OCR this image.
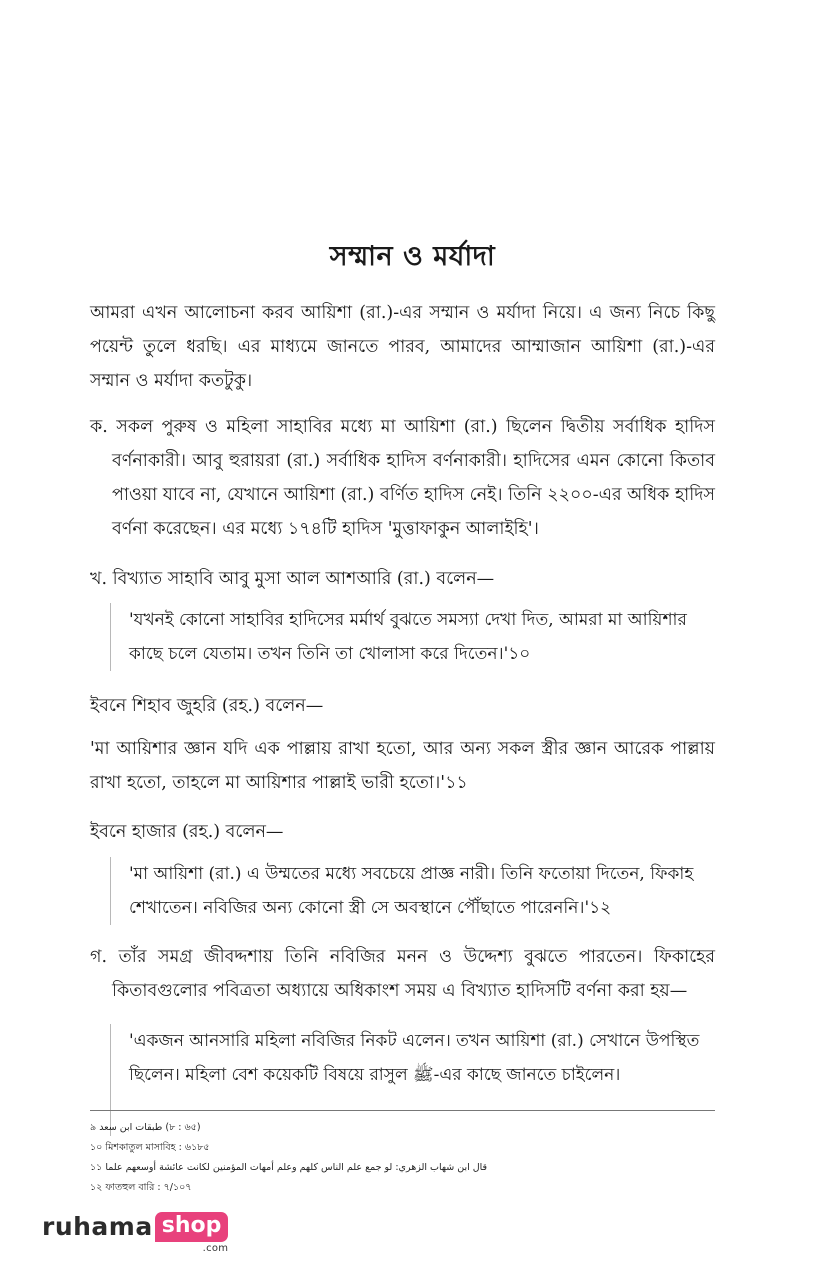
সম্মান ও মর্যাদা
আমরা এখন আলোচনা করব আয়িশা (রা.)-এর সম্মান ও মর্যাদা নিয়ে। এ জন্য নিচে কিছু পয়েন্ট তুলে ধরছি। এর মাধ্যমে জানতে পারব, আমাদের আম্মাজান আয়িশা (রা.)-এর সম্মান ও মর্যাদা কতটুকু।
ক. সকল পুরুষ ও মহিলা সাহাবির মধ্যে মা আয়িশা (রা.) ছিলেন দ্বিতীয় সর্বাধিক হাদিস বর্ণনাকারী। আবু হুরায়রা (রা.) সর্বাধিক হাদিস বর্ণনাকারী। হাদিসের এমন কোনো কিতাব পাওয়া যাবে না, যেখানে আয়িশা (রা.) বর্ণিত হাদিস নেই। তিনি ২২০০-এর অধিক হাদিস বর্ণনা করেছেন। এর মধ্যে ১৭৪টি হাদিস 'মুত্তাফাকুন আলাইহি'।
খ. বিখ্যাত সাহাবি আবু মুসা আল আশআরি (রা.) বলেন—
'যখনই কোনো সাহাবির হাদিসের মর্মার্থ বুঝতে সমস্যা দেখা দিত, আমরা মা আয়িশার কাছে চলে যেতাম। তখন তিনি তা খোলাসা করে দিতেন।'১০
ইবনে শিহাব জুহরি (রহ.) বলেন—
'মা আয়িশার জ্ঞান যদি এক পাল্লায় রাখা হতো, আর অন্য সকল স্ত্রীর জ্ঞান আরেক পাল্লায় রাখা হতো, তাহলে মা আয়িশার পাল্লাই ভারী হতো।'১১
ইবনে হাজার (রহ.) বলেন—
'মা আয়িশা (রা.) এ উম্মতের মধ্যে সবচেয়ে প্রাজ্ঞ নারী। তিনি ফতোয়া দিতেন, ফিকাহ শেখাতেন। নবিজির অন্য কোনো স্ত্রী সে অবস্থানে পৌঁছাতে পারেননি।'১২
গ. তাঁর সমগ্র জীবদ্দশায় তিনি নবিজির মনন ও উদ্দেশ্য বুঝতে পারতেন। ফিকাহের কিতাবগুলোর পবিত্রতা অধ্যায়ে অধিকাংশ সময় এ বিখ্যাত হাদিসটি বর্ণনা করা হয়—
'একজন আনসারি মহিলা নবিজির নিকট এলেন। তখন আয়িশা (রা.) সেখানে উপস্থিত ছিলেন। মহিলা বেশ কয়েকটি বিষয়ে রাসুল ﷺ-এর কাছে জানতে চাইলেন।
৯ طبقات ابن سعد (৮ : ৬৫)
১০ মিশকাতুল মাসাবিহ : ৬১৮৫
১১ قال ابن شهاب الزهري: لو جمع علم الناس كلهم وعلم أمهات المؤمنين لكانت عائشة أوسعهم علما
১২ ফাতহুল বারি : ৭/১০৭
ruhama shop
.com
